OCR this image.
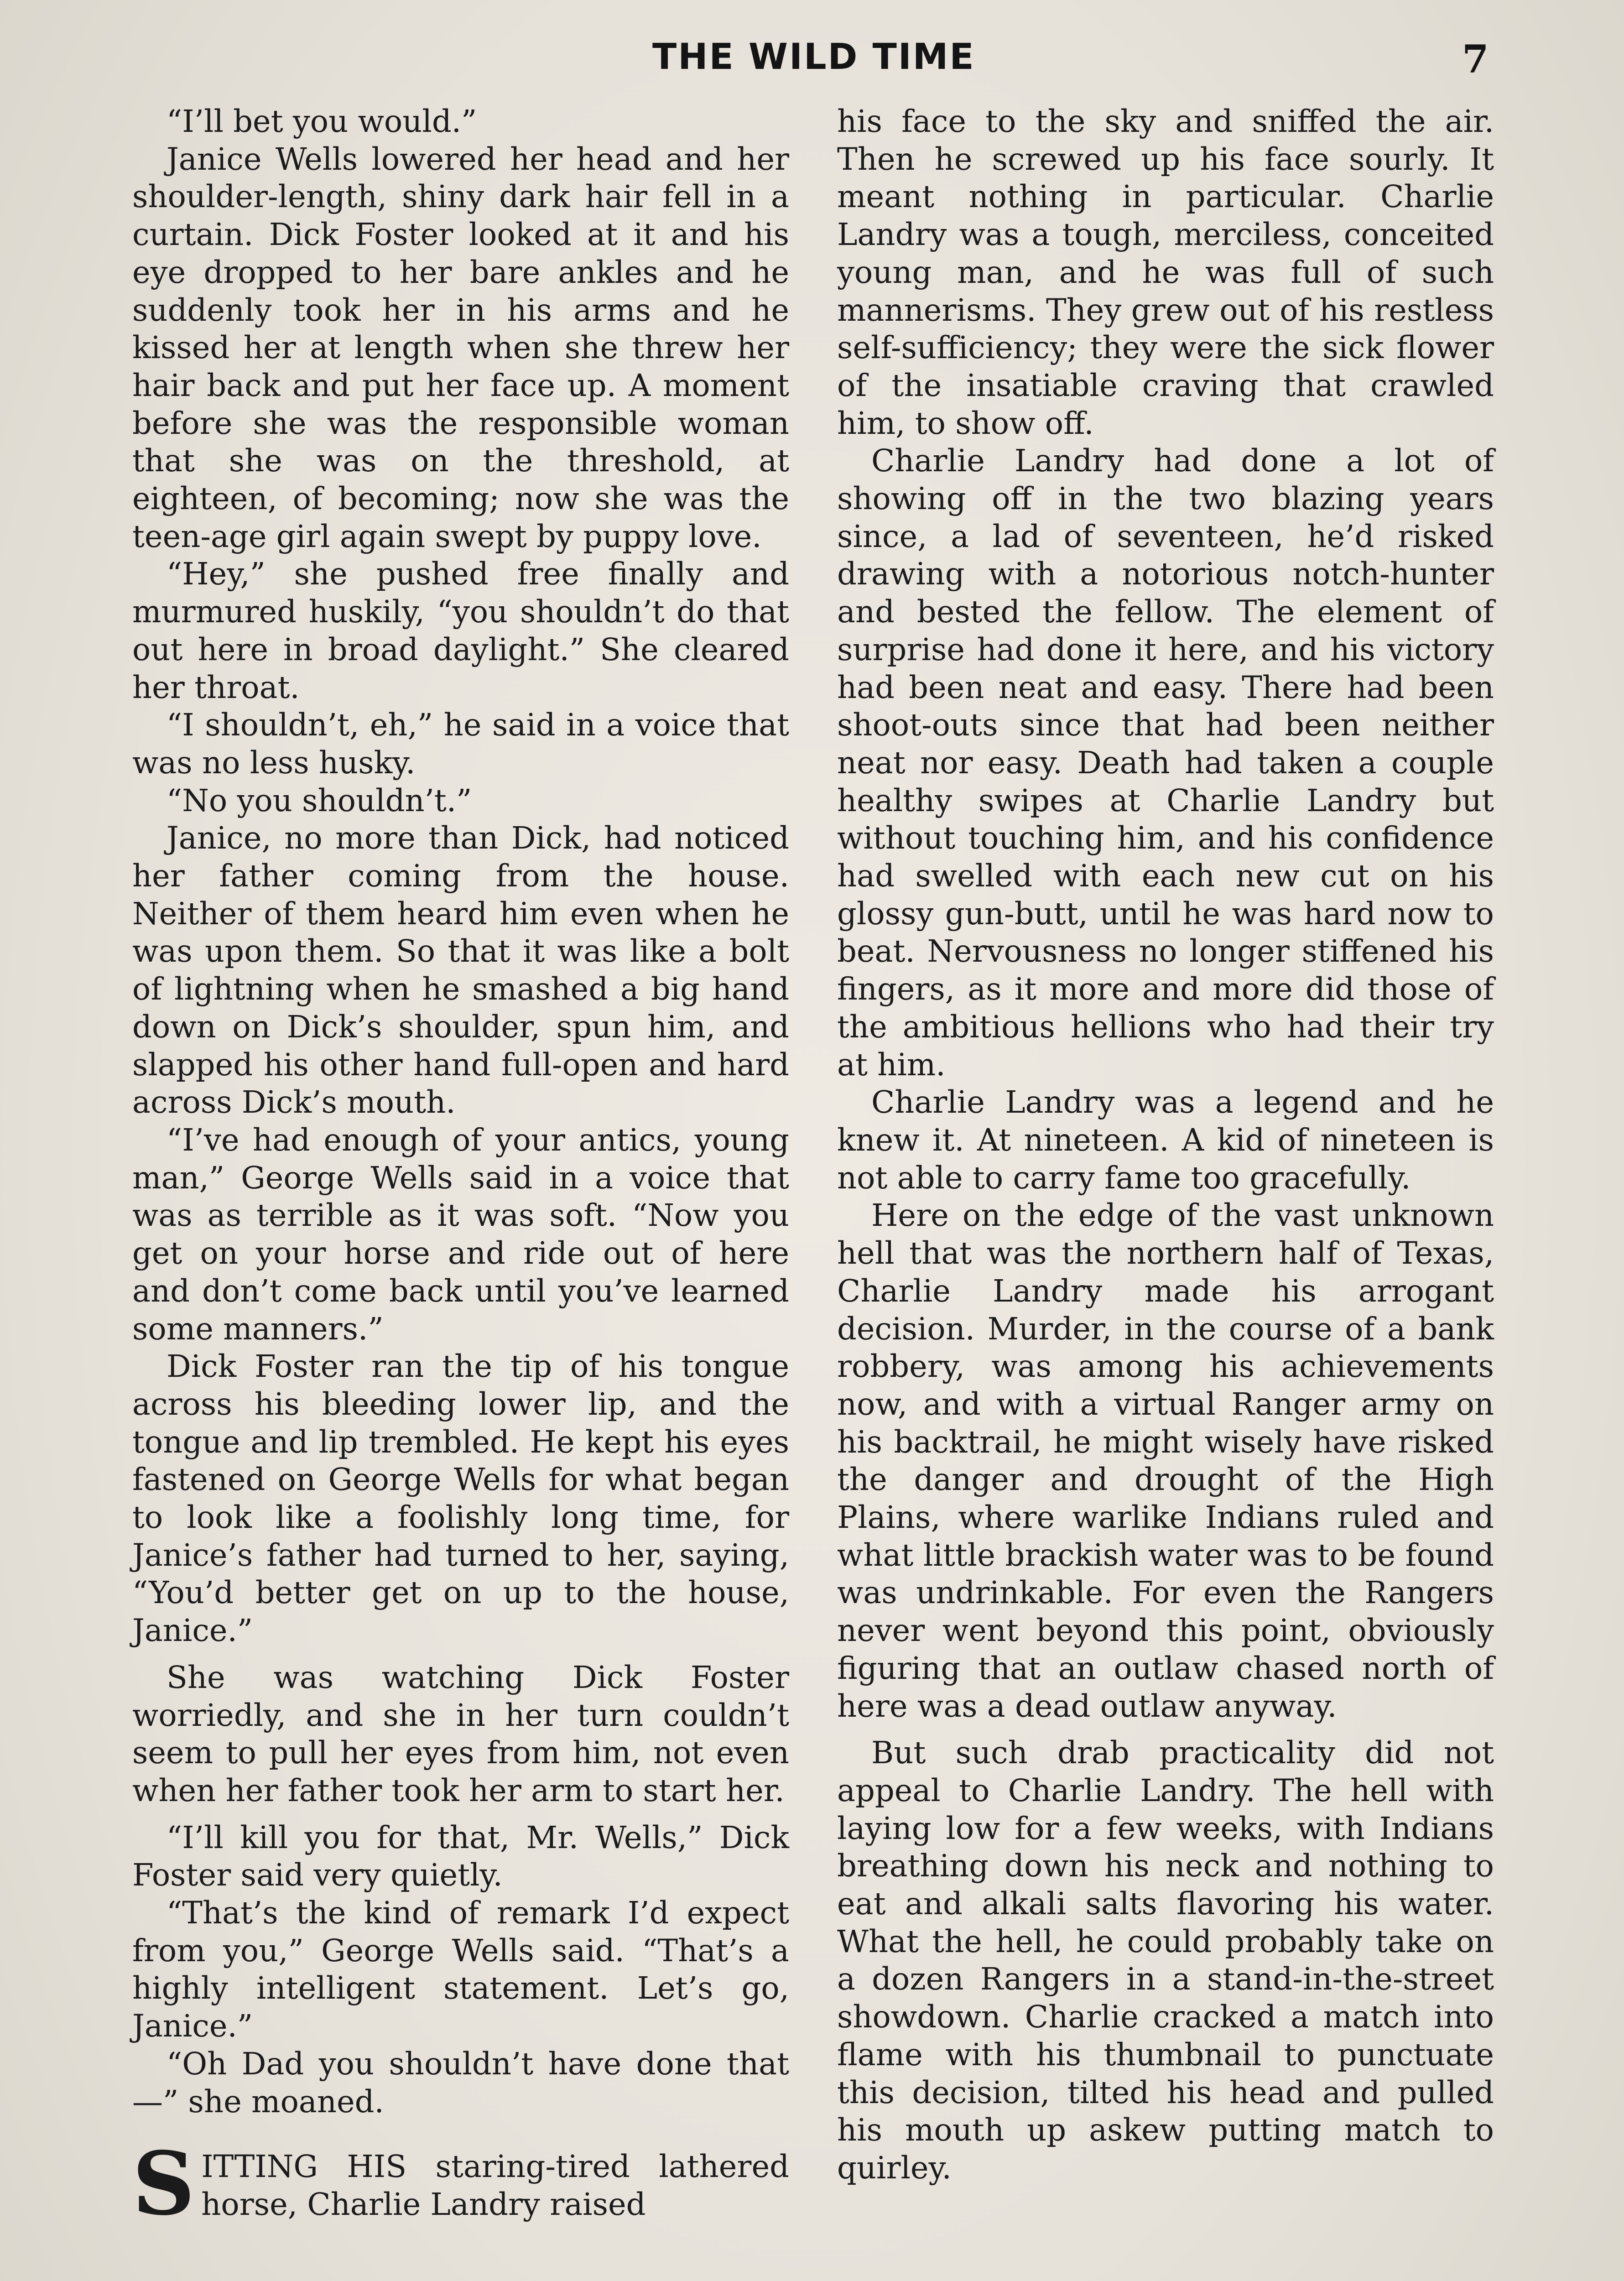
THE WILD TIME	7

“I’ll bet you would.”

Janice Wells lowered her head and her shoulder-length, shiny dark hair fell in a curtain. Dick Foster looked at it and his eye dropped to her bare ankles and he suddenly took her in his arms and he kissed her at length when she threw her hair back and put her face up. A moment before she was the responsible woman that she was on the threshold, at eighteen, of becoming; now she was the teen-age girl again swept by puppy love.

“Hey,” she pushed free finally and murmured huskily, “you shouldn’t do that out here in broad daylight.” She cleared her throat.

“I shouldn’t, eh,” he said in a voice that was no less husky.

“No you shouldn’t.”

Janice, no more than Dick, had noticed her father coming from the house. Neither of them heard him even when he was upon them. So that it was like a bolt of lightning when he smashed a big hand down on Dick’s shoulder, spun him, and slapped his other hand full-open and hard across Dick’s mouth.

“I’ve had enough of your antics, young man,” George Wells said in a voice that was as terrible as it was soft. “Now you get on your horse and ride out of here and don’t come back until you’ve learned some manners.”

Dick Foster ran the tip of his tongue across his bleeding lower lip, and the tongue and lip trembled. He kept his eyes fastened on George Wells for what began to look like a foolishly long time, for Janice’s father had turned to her, saying, “You’d better get on up to the house, Janice.”

She was watching Dick Foster worriedly, and she in her turn couldn’t seem to pull her eyes from him, not even when her father took her arm to start her.

“I’ll kill you for that, Mr. Wells,” Dick Foster said very quietly.

“That’s the kind of remark I’d expect from you,” George Wells said. “That’s a highly intelligent statement. Let’s go, Janice.”

“Oh Dad you shouldn’t have done that—” she moaned.

SITTING HIS staring-tired lathered horse, Charlie Landry raised

his face to the sky and sniffed the air. Then he screwed up his face sourly. It meant nothing in particular. Charlie Landry was a tough, merciless, conceited young man, and he was full of such mannerisms. They grew out of his restless self-sufficiency; they were the sick flower of the insatiable craving that crawled him, to show off.

Charlie Landry had done a lot of showing off in the two blazing years since, a lad of seventeen, he’d risked drawing with a notorious notch-hunter and bested the fellow. The element of surprise had done it here, and his victory had been neat and easy. There had been shoot-outs since that had been neither neat nor easy. Death had taken a couple healthy swipes at Charlie Landry but without touching him, and his confidence had swelled with each new cut on his glossy gun-butt, until he was hard now to beat. Nervousness no longer stiffened his fingers, as it more and more did those of the ambitious hellions who had their try at him.

Charlie Landry was a legend and he knew it. At nineteen. A kid of nineteen is not able to carry fame too gracefully.

Here on the edge of the vast unknown hell that was the northern half of Texas, Charlie Landry made his arrogant decision. Murder, in the course of a bank robbery, was among his achievements now, and with a virtual Ranger army on his backtrail, he might wisely have risked the danger and drought of the High Plains, where warlike Indians ruled and what little brackish water was to be found was undrinkable. For even the Rangers never went beyond this point, obviously figuring that an outlaw chased north of here was a dead outlaw anyway.

But such drab practicality did not appeal to Charlie Landry. The hell with laying low for a few weeks, with Indians breathing down his neck and nothing to eat and alkali salts flavoring his water. What the hell, he could probably take on a dozen Rangers in a stand-in-the-street showdown. Charlie cracked a match into flame with his thumbnail to punctuate this decision, tilted his head and pulled his mouth up askew putting match to quirley.
